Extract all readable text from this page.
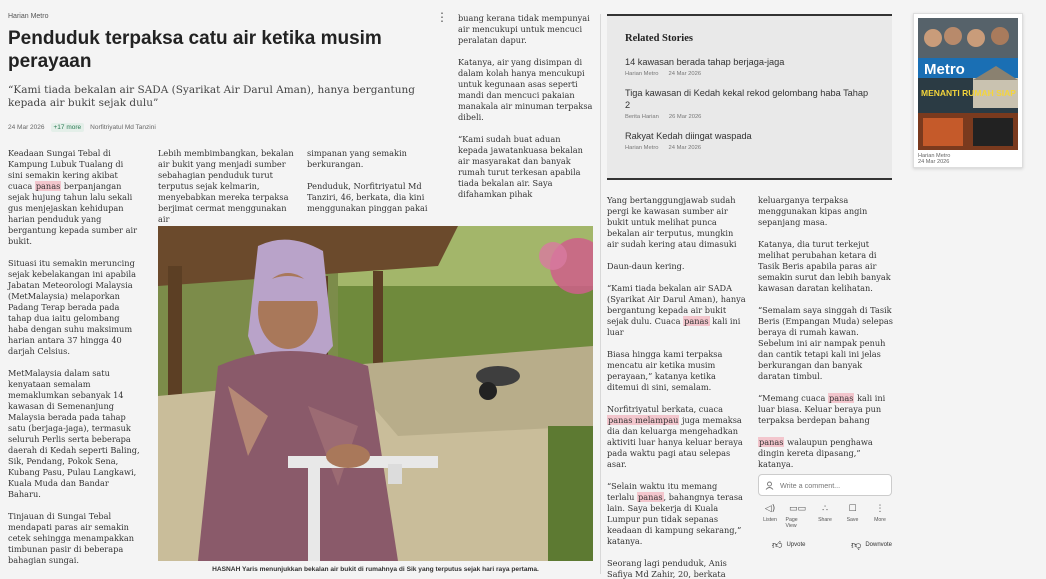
Harian Metro	⋮
Penduduk terpaksa catu air ketika musim perayaan

“Kami tiada bekalan air SADA (Syarikat Air Darul Aman), hanya bergantung kepada air bukit sejak dulu”

24 Mar 2026	+17 more	Norfitriyatul Md Tanzini
Keadaan Sungai Tebal di Kampung Lubuk Tualang di sini semakin kering akibat cuaca panas berpanjangan sejak hujung tahun lalu sekali gus menjejaskan kehidupan harian penduduk yang bergantung kepada sumber air bukit.
Situasi itu semakin meruncing sejak kebelakangan ini apabila Jabatan Meteorologi Malaysia (MetMalaysia) melaporkan Padang Terap berada pada tahap dua iaitu gelombang haba dengan suhu maksimum harian antara 37 hingga 40 darjah Celsius.
MetMalaysia dalam satu kenyataan semalam memaklumkan sebanyak 14 kawasan di Semenanjung Malaysia berada pada tahap satu (berjaga-jaga), termasuk seluruh Perlis serta beberapa daerah di Kedah seperti Baling, Sik, Pendang, Pokok Sena, Kubang Pasu, Pulau Langkawi, Kuala Muda dan Bandar Baharu.
Tinjauan di Sungai Tebal mendapati paras air semakin cetek sehingga menampakkan timbunan pasir di beberapa bahagian sungai.
Lebih membimbangkan, bekalan air bukit yang menjadi sumber sebahagian penduduk turut terputus sejak kelmarin, menyebabkan mereka terpaksa berjimat cermat menggunakan air
simpanan yang semakin berkurangan.

Penduduk, Norfitriyatul Md Tanziri, 46, berkata, dia kini menggunakan pinggan pakai
buang kerana tidak mempunyai air mencukupi untuk mencuci peralatan dapur.

Katanya, air yang disimpan di dalam kolah hanya mencukupi untuk kegunaan asas seperti mandi dan mencuci pakaian manakala air minuman terpaksa dibeli.

“Kami sudah buat aduan kepada jawatankuasa bekalan air masyarakat dan banyak rumah turut terkesan apabila tiada bekalan air. Saya difahamkan pihak
HASNAH Yaris menunjukkan bekalan air bukit di rumahnya di Sik yang terputus sejak hari raya pertama.
Related Stories
14 kawasan berada tahap berjaga-jaga
Harian Metro 24 Mar 2026
Tiga kawasan di Kedah kekal rekod gelombang haba Tahap 2
Berita Harian 26 Mar 2026
Rakyat Kedah diingat waspada
Harian Metro 24 Mar 2026
Yang bertanggungjawab sudah pergi ke kawasan sumber air bukit untuk melihat punca bekalan air terputus, mungkin air sudah kering atau dimasuki
Daun-daun kering.
“Kami tiada bekalan air SADA (Syarikat Air Darul Aman), hanya bergantung kepada air bukit sejak dulu. Cuaca panas kali ini luar
Biasa hingga kami terpaksa mencatu air ketika musim perayaan,” katanya ketika ditemui di sini, semalam.
Norfitriyatul berkata, cuaca panas melampau juga memaksa dia dan keluarga mengehadkan aktiviti luar hanya keluar beraya pada waktu pagi atau selepas asar.
“Selain waktu itu memang terlalu panas, bahangnya terasa lain. Saya bekerja di Kuala Lumpur pun tidak sepanas keadaan di kampung sekarang,” katanya.
Seorang lagi penduduk, Anis Safiya Md Zahir, 20, berkata
keluarganya terpaksa menggunakan kipas angin sepanjang masa.
Katanya, dia turut terkejut melihat perubahan ketara di Tasik Beris apabila paras air semakin surut dan lebih banyak kawasan daratan kelihatan.
“Semalam saya singgah di Tasik Beris (Empangan Muda) selepas beraya di rumah kawan. Sebelum ini air nampak penuh dan cantik tetapi kali ini jelas berkurangan dan banyak daratan timbul.
“Memang cuaca panas kali ini luar biasa. Keluar beraya pun terpaksa berdepan bahang
panas walaupun penghawa dingin kereta dipasang,” katanya.
Metro
MENANTI RUMAH SIAP
Harian Metro
24 Mar 2026
Write a comment...
◁)
Listen
▭▭
Page View
∴
Share
☐
Save
⋮
More
👍︎ Upvote	👎︎ Downvote
